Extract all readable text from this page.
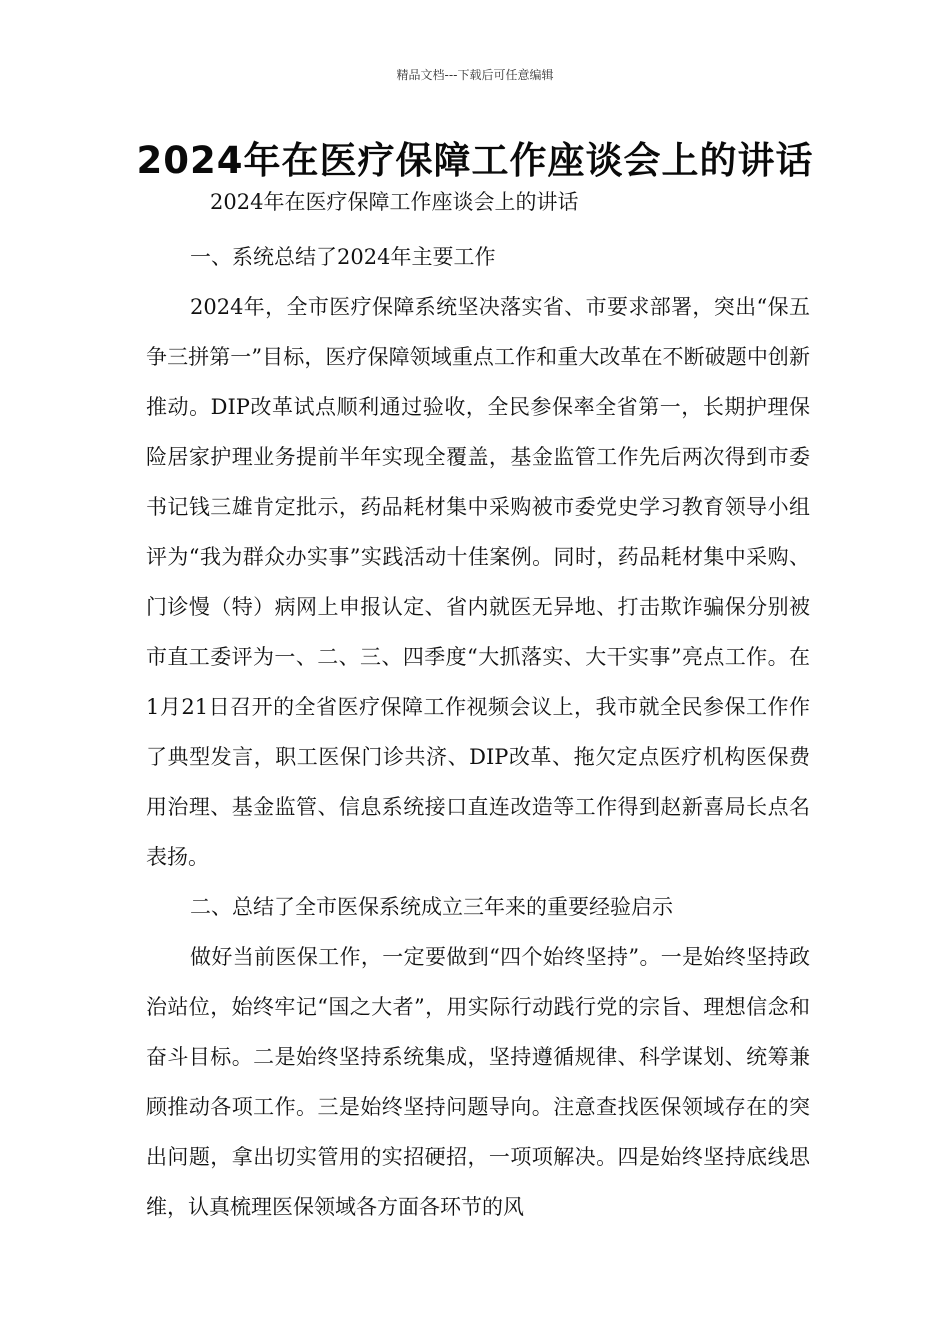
精品文档---下载后可任意编辑
2024年在医疗保障工作座谈会上的讲话

2024年在医疗保障工作座谈会上的讲话

一、系统总结了2024年主要工作

2024年，全市医疗保障系统坚决落实省、市要求部署，突出“保五争三拼第一”目标，医疗保障领域重点工作和重大改革在不断破题中创新推动。DIP改革试点顺利通过验收，全民参保率全省第一，长期护理保险居家护理业务提前半年实现全覆盖，基金监管工作先后两次得到市委书记钱三雄肯定批示，药品耗材集中采购被市委党史学习教育领导小组评为“我为群众办实事”实践活动十佳案例。同时，药品耗材集中采购、门诊慢（特）病网上申报认定、省内就医无异地、打击欺诈骗保分别被市直工委评为一、二、三、四季度“大抓落实、大干实事”亮点工作。在1月21日召开的全省医疗保障工作视频会议上，我市就全民参保工作作了典型发言，职工医保门诊共济、DIP改革、拖欠定点医疗机构医保费用治理、基金监管、信息系统接口直连改造等工作得到赵新喜局长点名表扬。

二、总结了全市医保系统成立三年来的重要经验启示

做好当前医保工作，一定要做到“四个始终坚持”。一是始终坚持政治站位，始终牢记“国之大者”，用实际行动践行党的宗旨、理想信念和奋斗目标。二是始终坚持系统集成，坚持遵循规律、科学谋划、统筹兼顾推动各项工作。三是始终坚持问题导向。注意查找医保领域存在的突出问题，拿出切实管用的实招硬招，一项项解决。四是始终坚持底线思维，认真梳理医保领域各方面各环节的风
